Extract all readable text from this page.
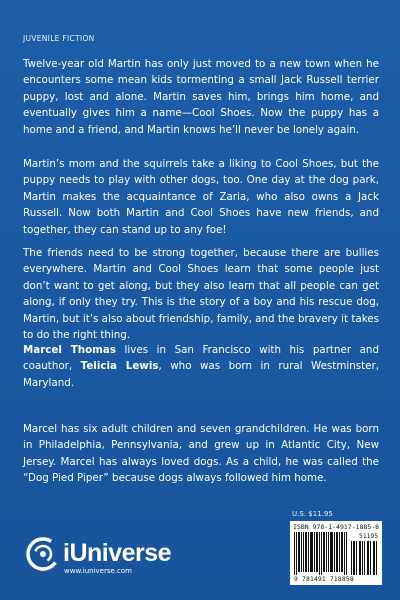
JUVENILE FICTION
Twelve-year old Martin has only just moved to a new town when he encounters some mean kids tormenting a small Jack Russell terrier puppy, lost and alone. Martin saves him, brings him home, and eventually gives him a name—Cool Shoes. Now the puppy has a home and a friend, and Martin knows he’ll never be lonely again.
Martin’s mom and the squirrels take a liking to Cool Shoes, but the puppy needs to play with other dogs, too. One day at the dog park, Martin makes the acquaintance of Zaria, who also owns a Jack Russell. Now both Martin and Cool Shoes have new friends, and together, they can stand up to any foe!
The friends need to be strong together, because there are bullies everywhere. Martin and Cool Shoes learn that some people just don’t want to get along, but they also learn that all people can get along, if only they try. This is the story of a boy and his rescue dog, Martin, but it’s also about friendship, family, and the bravery it takes to do the right thing.
Marcel Thomas lives in San Francisco with his partner and coauthor, Telicia Lewis, who was born in rural Westminster, Maryland.
Marcel has six adult children and seven grandchildren. He was born in Philadelphia, Pennsylvania, and grew up in Atlantic City, New Jersey. Marcel has always loved dogs. As a child, he was called the “Dog Pied Piper” because dogs always followed him home.
U.S. $11.95
ISBN 978-1-4917-1885-8
51195
9 781491 718858
iUniverse
www.iuniverse.com
